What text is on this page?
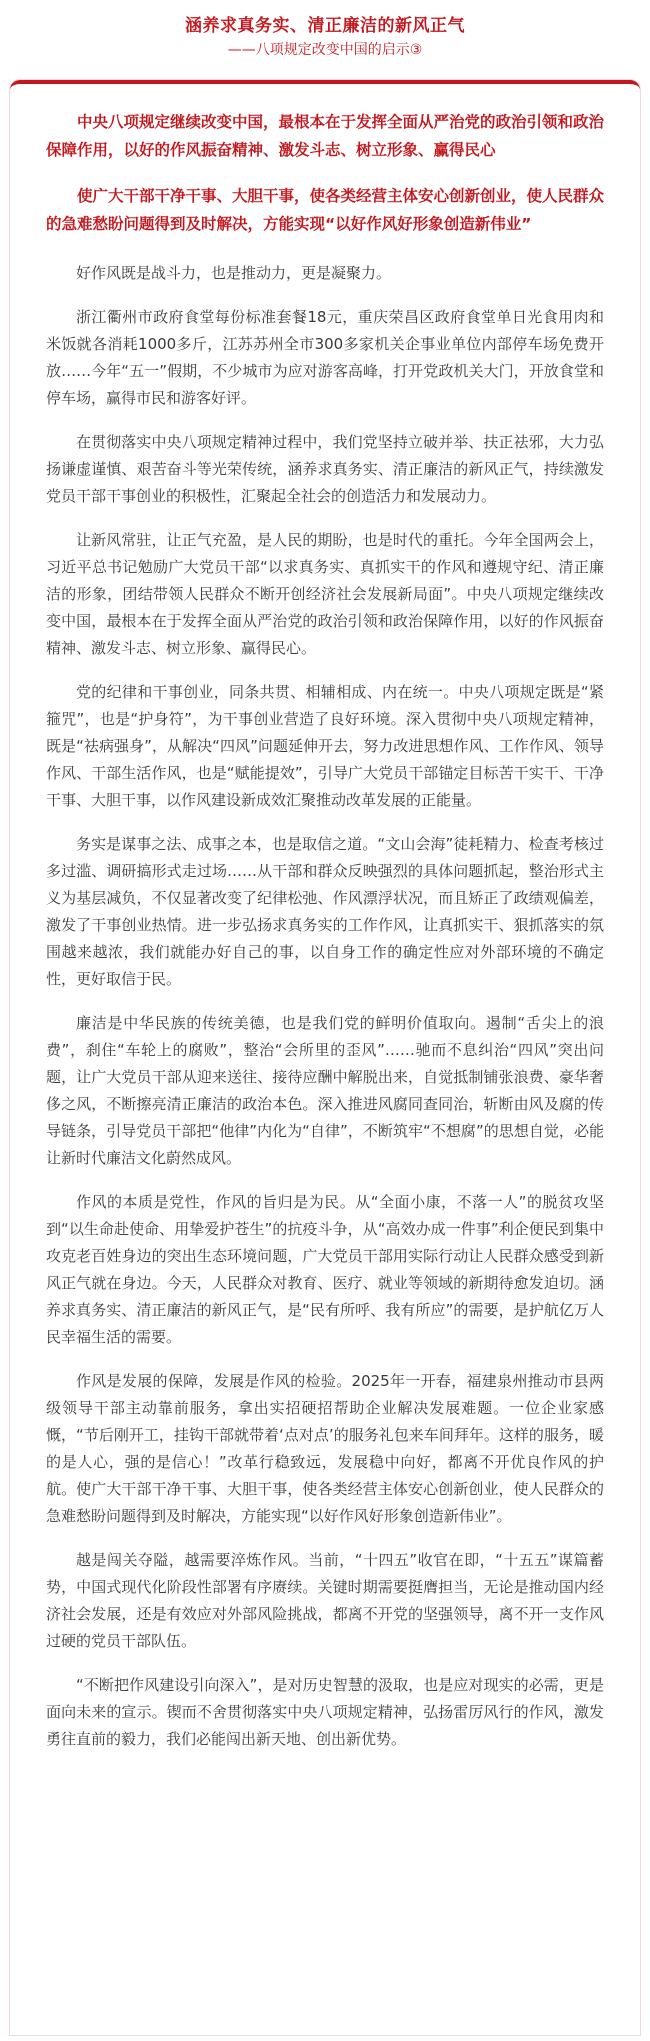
涵养求真务实、清正廉洁的新风正气
——八项规定改变中国的启示③

中央八项规定继续改变中国，最根本在于发挥全面从严治党的政治引领和政治保障作用，以好的作风振奋精神、激发斗志、树立形象、赢得民心

使广大干部干净干事、大胆干事，使各类经营主体安心创新创业，使人民群众的急难愁盼问题得到及时解决，方能实现“以好作风好形象创造新伟业”

好作风既是战斗力，也是推动力，更是凝聚力。

浙江衢州市政府食堂每份标准套餐18元，重庆荣昌区政府食堂单日光食用肉和米饭就各消耗1000多斤，江苏苏州全市300多家机关企事业单位内部停车场免费开放……今年“五一”假期，不少城市为应对游客高峰，打开党政机关大门，开放食堂和停车场，赢得市民和游客好评。

在贯彻落实中央八项规定精神过程中，我们党坚持立破并举、扶正祛邪，大力弘扬谦虚谨慎、艰苦奋斗等光荣传统，涵养求真务实、清正廉洁的新风正气，持续激发党员干部干事创业的积极性，汇聚起全社会的创造活力和发展动力。

让新风常驻，让正气充盈，是人民的期盼，也是时代的重托。今年全国两会上，习近平总书记勉励广大党员干部“以求真务实、真抓实干的作风和遵规守纪、清正廉洁的形象，团结带领人民群众不断开创经济社会发展新局面”。中央八项规定继续改变中国，最根本在于发挥全面从严治党的政治引领和政治保障作用，以好的作风振奋精神、激发斗志、树立形象、赢得民心。

党的纪律和干事创业，同条共贯、相辅相成、内在统一。中央八项规定既是“紧箍咒”，也是“护身符”，为干事创业营造了良好环境。深入贯彻中央八项规定精神，既是“祛病强身”，从解决“四风”问题延伸开去，努力改进思想作风、工作作风、领导作风、干部生活作风，也是“赋能提效”，引导广大党员干部锚定目标苦干实干、干净干事、大胆干事，以作风建设新成效汇聚推动改革发展的正能量。

务实是谋事之法、成事之本，也是取信之道。“文山会海”徒耗精力、检查考核过多过滥、调研搞形式走过场……从干部和群众反映强烈的具体问题抓起，整治形式主义为基层减负，不仅显著改变了纪律松弛、作风漂浮状况，而且矫正了政绩观偏差，激发了干事创业热情。进一步弘扬求真务实的工作作风，让真抓实干、狠抓落实的氛围越来越浓，我们就能办好自己的事，以自身工作的确定性应对外部环境的不确定性，更好取信于民。

廉洁是中华民族的传统美德，也是我们党的鲜明价值取向。遏制“舌尖上的浪费”，刹住“车轮上的腐败”，整治“会所里的歪风”……驰而不息纠治“四风”突出问题，让广大党员干部从迎来送往、接待应酬中解脱出来，自觉抵制铺张浪费、豪华奢侈之风，不断擦亮清正廉洁的政治本色。深入推进风腐同查同治，斩断由风及腐的传导链条，引导党员干部把“他律”内化为“自律”，不断筑牢“不想腐”的思想自觉，必能让新时代廉洁文化蔚然成风。

作风的本质是党性，作风的旨归是为民。从“全面小康，不落一人”的脱贫攻坚到“以生命赴使命、用挚爱护苍生”的抗疫斗争，从“高效办成一件事”利企便民到集中攻克老百姓身边的突出生态环境问题，广大党员干部用实际行动让人民群众感受到新风正气就在身边。今天，人民群众对教育、医疗、就业等领域的新期待愈发迫切。涵养求真务实、清正廉洁的新风正气，是“民有所呼、我有所应”的需要，是护航亿万人民幸福生活的需要。

作风是发展的保障，发展是作风的检验。2025年一开春，福建泉州推动市县两级领导干部主动靠前服务，拿出实招硬招帮助企业解决发展难题。一位企业家感慨，“节后刚开工，挂钩干部就带着‘点对点’的服务礼包来车间拜年。这样的服务，暖的是人心，强的是信心！”改革行稳致远，发展稳中向好，都离不开优良作风的护航。使广大干部干净干事、大胆干事，使各类经营主体安心创新创业，使人民群众的急难愁盼问题得到及时解决，方能实现“以好作风好形象创造新伟业”。

越是闯关夺隘，越需要淬炼作风。当前，“十四五”收官在即，“十五五”谋篇蓄势，中国式现代化阶段性部署有序赓续。关键时期需要挺膺担当，无论是推动国内经济社会发展，还是有效应对外部风险挑战，都离不开党的坚强领导，离不开一支作风过硬的党员干部队伍。

“不断把作风建设引向深入”，是对历史智慧的汲取，也是应对现实的必需，更是面向未来的宣示。锲而不舍贯彻落实中央八项规定精神，弘扬雷厉风行的作风，激发勇往直前的毅力，我们必能闯出新天地、创出新优势。
